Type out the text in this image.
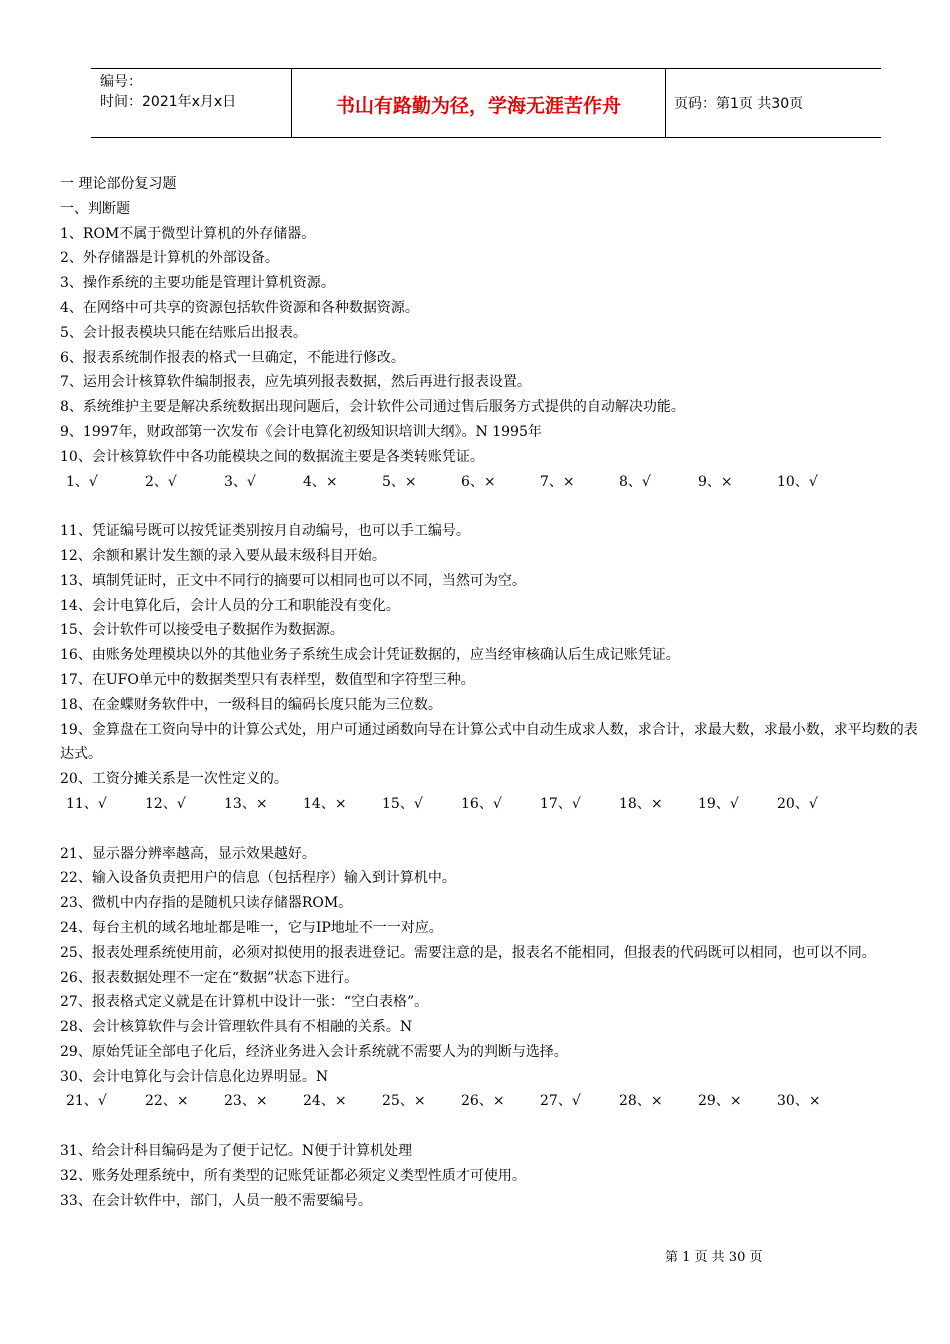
编号：
时间：2021年x月x日	书山有路勤为径，学海无涯苦作舟	页码：第1页 共30页
一 理论部份复习题
一、判断题
1、ROM不属于微型计算机的外存储器。
2、外存储器是计算机的外部设备。
3、操作系统的主要功能是管理计算机资源。
4、在网络中可共享的资源包括软件资源和各种数据资源。
5、会计报表模块只能在结账后出报表。
6、报表系统制作报表的格式一旦确定，不能进行修改。
7、运用会计核算软件编制报表，应先填列报表数据，然后再进行报表设置。
8、系统维护主要是解决系统数据出现问题后，会计软件公司通过售后服务方式提供的自动解决功能。
9、1997年，财政部第一次发布《会计电算化初级知识培训大纲》。N 1995年
10、会计核算软件中各功能模块之间的数据流主要是各类转账凭证。
1、√	2、√	3、√	4、×	5、×	6、×	7、×	8、√	9、×	10、√
11、凭证编号既可以按凭证类别按月自动编号，也可以手工编号。
12、余额和累计发生额的录入要从最末级科目开始。
13、填制凭证时，正文中不同行的摘要可以相同也可以不同，当然可为空。
14、会计电算化后，会计人员的分工和职能没有变化。
15、会计软件可以接受电子数据作为数据源。
16、由账务处理模块以外的其他业务子系统生成会计凭证数据的，应当经审核确认后生成记账凭证。
17、在UFO单元中的数据类型只有表样型，数值型和字符型三种。
18、在金蝶财务软件中，一级科目的编码长度只能为三位数。
19、金算盘在工资向导中的计算公式处，用户可通过函数向导在计算公式中自动生成求人数，求合计，求最大数，求最小数，求平均数的表达式。
20、工资分摊关系是一次性定义的。
11、√	12、√	13、×	14、×	15、√	16、√	17、√	18、×	19、√	20、√
21、显示器分辨率越高，显示效果越好。
22、输入设备负责把用户的信息（包括程序）输入到计算机中。
23、微机中内存指的是随机只读存储器ROM。
24、每台主机的域名地址都是唯一，它与IP地址不一一对应。
25、报表处理系统使用前，必须对拟使用的报表进登记。需要注意的是，报表名不能相同，但报表的代码既可以相同，也可以不同。
26、报表数据处理不一定在“数据”状态下进行。
27、报表格式定义就是在计算机中设计一张：“空白表格”。
28、会计核算软件与会计管理软件具有不相融的关系。N
29、原始凭证全部电子化后，经济业务进入会计系统就不需要人为的判断与选择。
30、会计电算化与会计信息化边界明显。N
21、√	22、×	23、×	24、×	25、×	26、×	27、√	28、×	29、×	30、×
31、给会计科目编码是为了便于记忆。N便于计算机处理
32、账务处理系统中，所有类型的记账凭证都必须定义类型性质才可使用。
33、在会计软件中，部门，人员一般不需要编号。
第 1 页 共 30 页
